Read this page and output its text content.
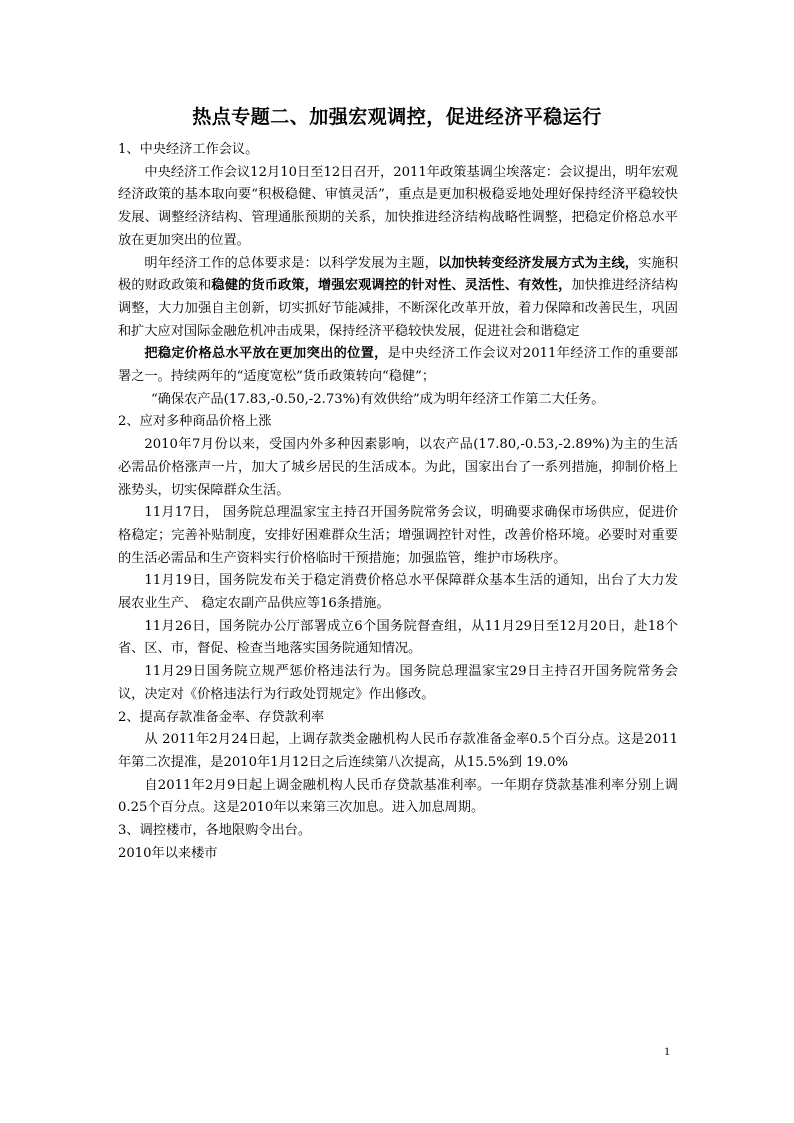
热点专题二、加强宏观调控，促进经济平稳运行

1、中央经济工作会议。

中央经济工作会议12月10日至12日召开，2011年政策基调尘埃落定：会议提出，明年宏观经济政策的基本取向要“积极稳健、审慎灵活”，重点是更加积极稳妥地处理好保持经济平稳较快发展、调整经济结构、管理通胀预期的关系，加快推进经济结构战略性调整，把稳定价格总水平放在更加突出的位置。

明年经济工作的总体要求是：以科学发展为主题，以加快转变经济发展方式为主线，实施积极的财政政策和稳健的货币政策，增强宏观调控的针对性、灵活性、有效性，加快推进经济结构调整，大力加强自主创新，切实抓好节能减排，不断深化改革开放，着力保障和改善民生，巩固和扩大应对国际金融危机冲击成果，保持经济平稳较快发展，促进社会和谐稳定

把稳定价格总水平放在更加突出的位置，是中央经济工作会议对2011年经济工作的重要部署之一。持续两年的“适度宽松”货币政策转向“稳健”；

“确保农产品(17.83,-0.50,-2.73%)有效供给”成为明年经济工作第二大任务。

2、应对多种商品价格上涨

2010年7月份以来，受国内外多种因素影响，以农产品(17.80,-0.53,-2.89%)为主的生活必需品价格涨声一片，加大了城乡居民的生活成本。为此，国家出台了一系列措施，抑制价格上涨势头，切实保障群众生活。

11月17日， 国务院总理温家宝主持召开国务院常务会议，明确要求确保市场供应，促进价格稳定；完善补贴制度，安排好困难群众生活；增强调控针对性，改善价格环境。必要时对重要的生活必需品和生产资料实行价格临时干预措施；加强监管，维护市场秩序。

11月19日，国务院发布关于稳定消费价格总水平保障群众基本生活的通知，出台了大力发展农业生产、 稳定农副产品供应等16条措施。

11月26日，国务院办公厅部署成立6个国务院督查组，从11月29日至12月20日，赴18个省、区、市，督促、检查当地落实国务院通知情况。

11月29日国务院立规严惩价格违法行为。国务院总理温家宝29日主持召开国务院常务会议，决定对《价格违法行为行政处罚规定》作出修改。

2、提高存款准备金率、存贷款利率

从 2011年2月24日起，上调存款类金融机构人民币存款准备金率0.5个百分点。这是2011年第二次提准，是2010年1月12日之后连续第八次提高，从15.5%到 19.0%

自2011年2月9日起上调金融机构人民币存贷款基准利率。一年期存贷款基准利率分别上调0.25个百分点。这是2010年以来第三次加息。进入加息周期。

3、调控楼市，各地限购令出台。

2010年以来楼市

1
